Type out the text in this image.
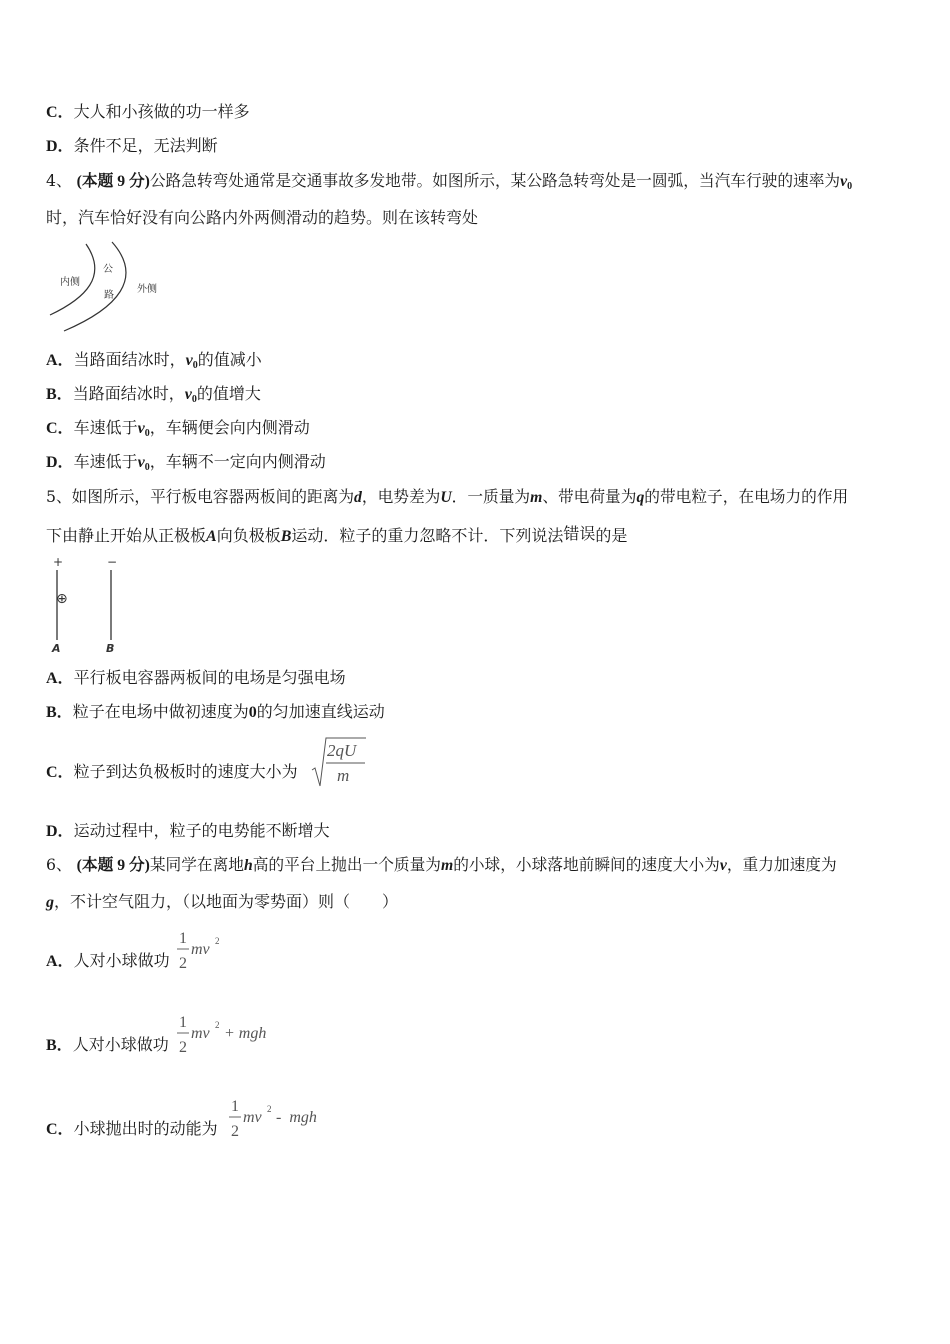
C．大人和小孩做的功一样多
D．条件不足，无法判断
4、 (本题 9 分)公路急转弯处通常是交通事故多发地带。如图所示，某公路急转弯处是一圆弧，当汽车行驶的速率为$v_0$
时，汽车恰好没有向公路内外两侧滑动的趋势。则在该转弯处
内侧
公
路
外侧
A．当路面结冰时，$v_0$的值减小
B．当路面结冰时，$v_0$的值增大
C．车速低于$v_0$，车辆便会向内侧滑动
D．车速低于$v_0$，车辆不一定向内侧滑动
5、如图所示，平行板电容器两板间的距离为d，电势差为U．一质量为m、带电荷量为q的带电粒子，在电场力的作用
下由静止开始从正极板A向负极板B运动．粒子的重力忽略不计．下列说法错误的是
+	−
⊕
A	B
A．平行板电容器两板间的电场是匀强电场
B．粒子在电场中做初速度为0的匀加速直线运动
C．粒子到达负极板时的速度大小为
2qU
m
D．运动过程中，粒子的电势能不断增大
6、 (本题 9 分)某同学在离地h高的平台上抛出一个质量为m的小球，小球落地前瞬间的速度大小为v，重力加速度为
g，不计空气阻力，（以地面为零势面）则（　　）
A．人对小球做功
1
2
mv 2
B．人对小球做功
1
2
mv 2 + mgh
C．小球抛出时的动能为
1
2
mv 2 -  mgh
